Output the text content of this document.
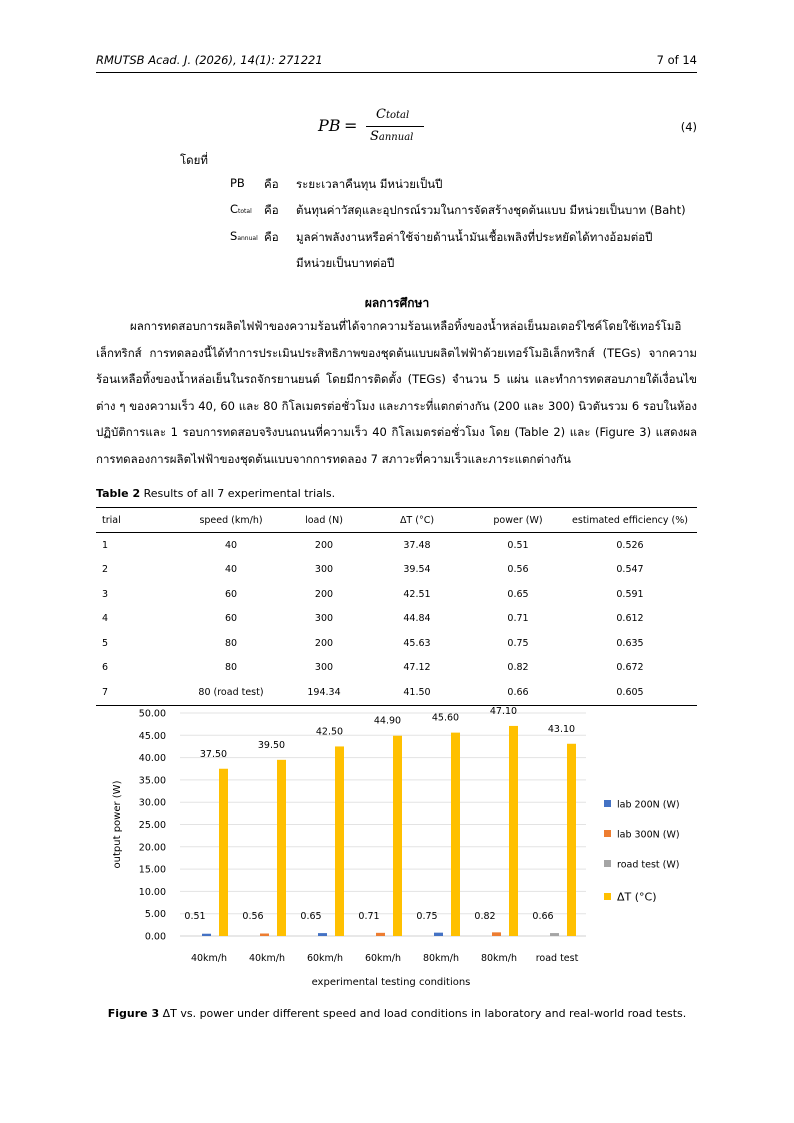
RMUTSB Acad. J. (2026), 14(1): 271221	7 of 14
PB =
Ctotal
Sannual
(4)
โดยที่
PB คือ ระยะเวลาคืนทุน มีหน่วยเป็นปี
Ctotal คือ ต้นทุนค่าวัสดุและอุปกรณ์รวมในการจัดสร้างชุดต้นแบบ มีหน่วยเป็นบาท (Baht)
Sannual คือ มูลค่าพลังงานหรือค่าใช้จ่ายด้านน้ำมันเชื้อเพลิงที่ประหยัดได้ทางอ้อมต่อปี
มีหน่วยเป็นบาทต่อปี
ผลการศึกษา
ผลการทดสอบการผลิตไฟฟ้าของความร้อนที่ได้จากความร้อนเหลือทิ้งของน้ำหล่อเย็นมอเตอร์ไซค์โดยใช้เทอร์โมอิเล็กทริกส์ การทดลองนี้ได้ทำการประเมินประสิทธิภาพของชุดต้นแบบผลิตไฟฟ้าด้วยเทอร์โมอิเล็กทริกส์ (TEGs) จากความร้อนเหลือทิ้งของน้ำหล่อเย็นในรถจักรยานยนต์ โดยมีการติดตั้ง (TEGs) จำนวน 5 แผ่น และทำการทดสอบภายใต้เงื่อนไขต่าง ๆ ของความเร็ว 40, 60 และ 80 กิโลเมตรต่อชั่วโมง และภาระที่แตกต่างกัน (200 และ 300) นิวตันรวม 6 รอบในห้องปฏิบัติการและ 1 รอบการทดสอบจริงบนถนนที่ความเร็ว 40 กิโลเมตรต่อชั่วโมง โดย (Table 2) และ (Figure 3) แสดงผลการทดลองการผลิตไฟฟ้าของชุดต้นแบบจากการทดลอง 7 สภาวะที่ความเร็วและภาระแตกต่างกัน
Table 2 Results of all 7 experimental trials.
trial	speed (km/h)	load (N)	ΔT (°C)	power (W)	estimated efficiency (%)
1	40	200	37.48	0.51	0.526
2	40	300	39.54	0.56	0.547
3	60	200	42.51	0.65	0.591
4	60	300	44.84	0.71	0.612
5	80	200	45.63	0.75	0.635
6	80	300	47.12	0.82	0.672
7	80 (road test)	194.34	41.50	0.66	0.605
0.00
5.00
10.00
15.00
20.00
25.00
30.00
35.00
40.00
45.00
50.00
0.51
37.50
40km/h
0.56
39.50
40km/h
0.65
42.50
60km/h
0.71
44.90
60km/h
0.75
45.60
80km/h
0.82
47.10
80km/h
0.66
43.10
road test
output power (W)
experimental testing conditions
lab 200N (W)
lab 300N (W)
road test (W)
ΔT (°C)
Figure 3 ΔT vs. power under different speed and load conditions in laboratory and real-world road tests.
